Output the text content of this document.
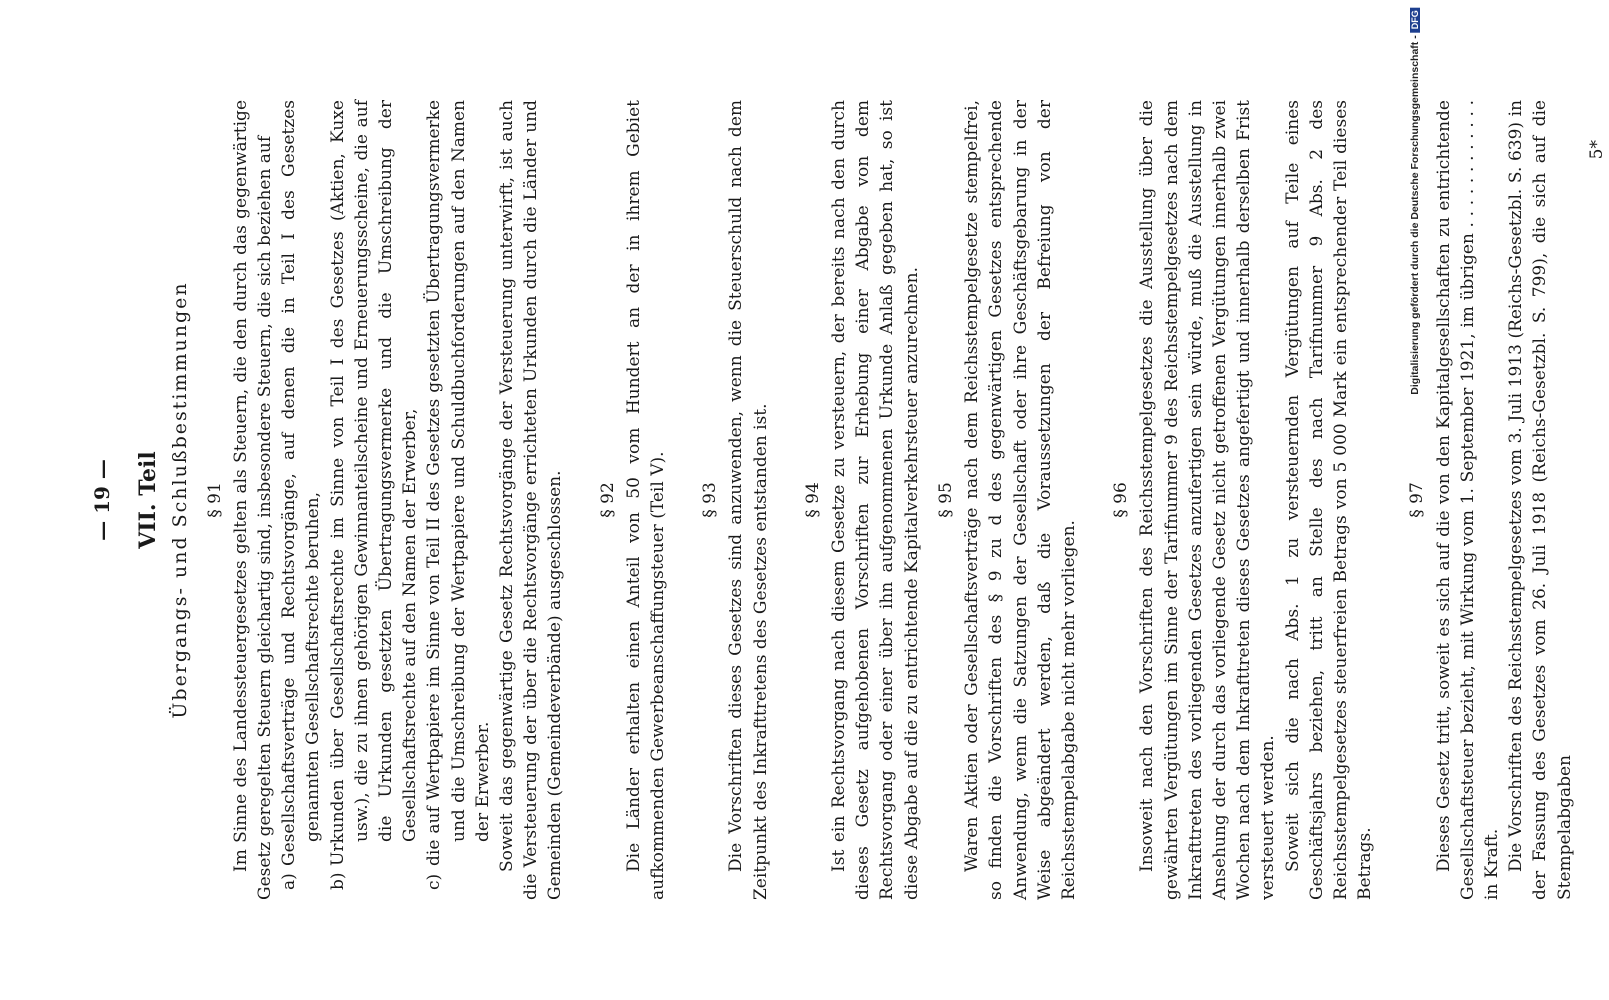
— 19 — VII. Teil Übergangs- und Schlußbestimmungen § 91 Im Sinne des Landessteuergesetzes gelten als Steuern, die den durch das gegenwärtige Gesetz geregelten Steuern gleichartig sind, insbesondere Steuern, die sich beziehen auf a)Gesellschaftsverträge und Rechtsvorgänge, auf denen die in Teil I des Gesetzes genannten Gesellschaftsrechte beruhen,
b)Urkunden über Gesellschaftsrechte im Sinne von Teil I des Gesetzes (Aktien, Kuxe usw.), die zu ihnen gehörigen Gewinnanteilscheine und Erneuerungsscheine, die auf die Urkunden gesetzten Übertragungsvermerke und die Umschreibung der Gesellschaftsrechte auf den Namen der Erwerber,
c)die auf Wertpapiere im Sinne von Teil II des Gesetzes gesetzten Übertragungsvermerke und die Umschreibung der Wertpapiere und Schuldbuchforderungen auf den Namen der Erwerber. Soweit das gegenwärtige Gesetz Rechtsvorgänge der Versteuerung unterwirft, ist auch die Versteuerung der über die Rechtsvorgänge errichteten Urkunden durch die Länder und Gemeinden (Gemeindeverbände) ausgeschlossen. § 92 Die Länder erhalten einen Anteil von 50 vom Hundert an der in ihrem Gebiet aufkommenden Gewerbeanschaffungsteuer (Teil V). § 93 Die Vorschriften dieses Gesetzes sind anzuwenden, wenn die Steuerschuld nach dem Zeitpunkt des Inkrafttretens des Gesetzes entstanden ist. § 94 Ist ein Rechtsvorgang nach diesem Gesetze zu versteuern, der bereits nach den durch dieses Gesetz aufgehobenen Vorschriften zur Erhebung einer Abgabe von dem Rechtsvorgang oder einer über ihn aufgenommenen Urkunde Anlaß gegeben hat, so ist diese Abgabe auf die zu entrichtende Kapitalverkehrsteuer anzurechnen. § 95 Waren Aktien oder Gesellschaftsverträge nach dem Reichsstempelgesetze stempelfrei, so finden die Vorschriften des § 9 zu d des gegenwärtigen Gesetzes entsprechende Anwendung, wenn die Satzungen der Gesellschaft oder ihre Geschäftsgebarung in der Weise abgeändert werden, daß die Voraussetzungen der Befreiung von der Reichsstempelabgabe nicht mehr vorliegen.

§ 96 Insoweit nach den Vorschriften des Reichsstempelgesetzes die Ausstellung über die gewährten Vergütungen im Sinne der Tarifnummer 9 des Reichsstempelgesetzes nach dem Inkrafttreten des vorliegenden Gesetzes anzufertigen sein würde, muß die Ausstellung in Ansehung der durch das vorliegende Gesetz nicht getroffenen Vergütungen innerhalb zwei Wochen nach dem Inkrafttreten dieses Gesetzes angefertigt und innerhalb derselben Frist versteuert werden. Soweit sich die nach Abs. 1 zu versteuernden Vergütungen auf Teile eines Geschäftsjahrs beziehen, tritt an Stelle des nach Tarifnummer 9 Abs. 2 des Reichsstempelgesetzes steuerfreien Betrags von 5 000 Mark ein entsprechender Teil dieses Betrags.

§ 97 Dieses Gesetz tritt, soweit es sich auf die von den Kapitalgesellschaften zu entrichtende Gesellschaftsteuer bezieht, mit Wirkung vom 1. September 1921, im übrigen . . . . . . . . . . . . in Kraft. Die Vorschriften des Reichsstempelgesetzes vom 3. Juli 1913 (Reichs-Gesetzbl. S. 639) in der Fassung des Gesetzes vom 26. Juli 1918 (Reichs-Gesetzbl. S. 799), die sich auf die Stempelabgaben

5*
Digitalisierung gefördert durch die Deutsche Forschungsgemeinschaft -DFG
